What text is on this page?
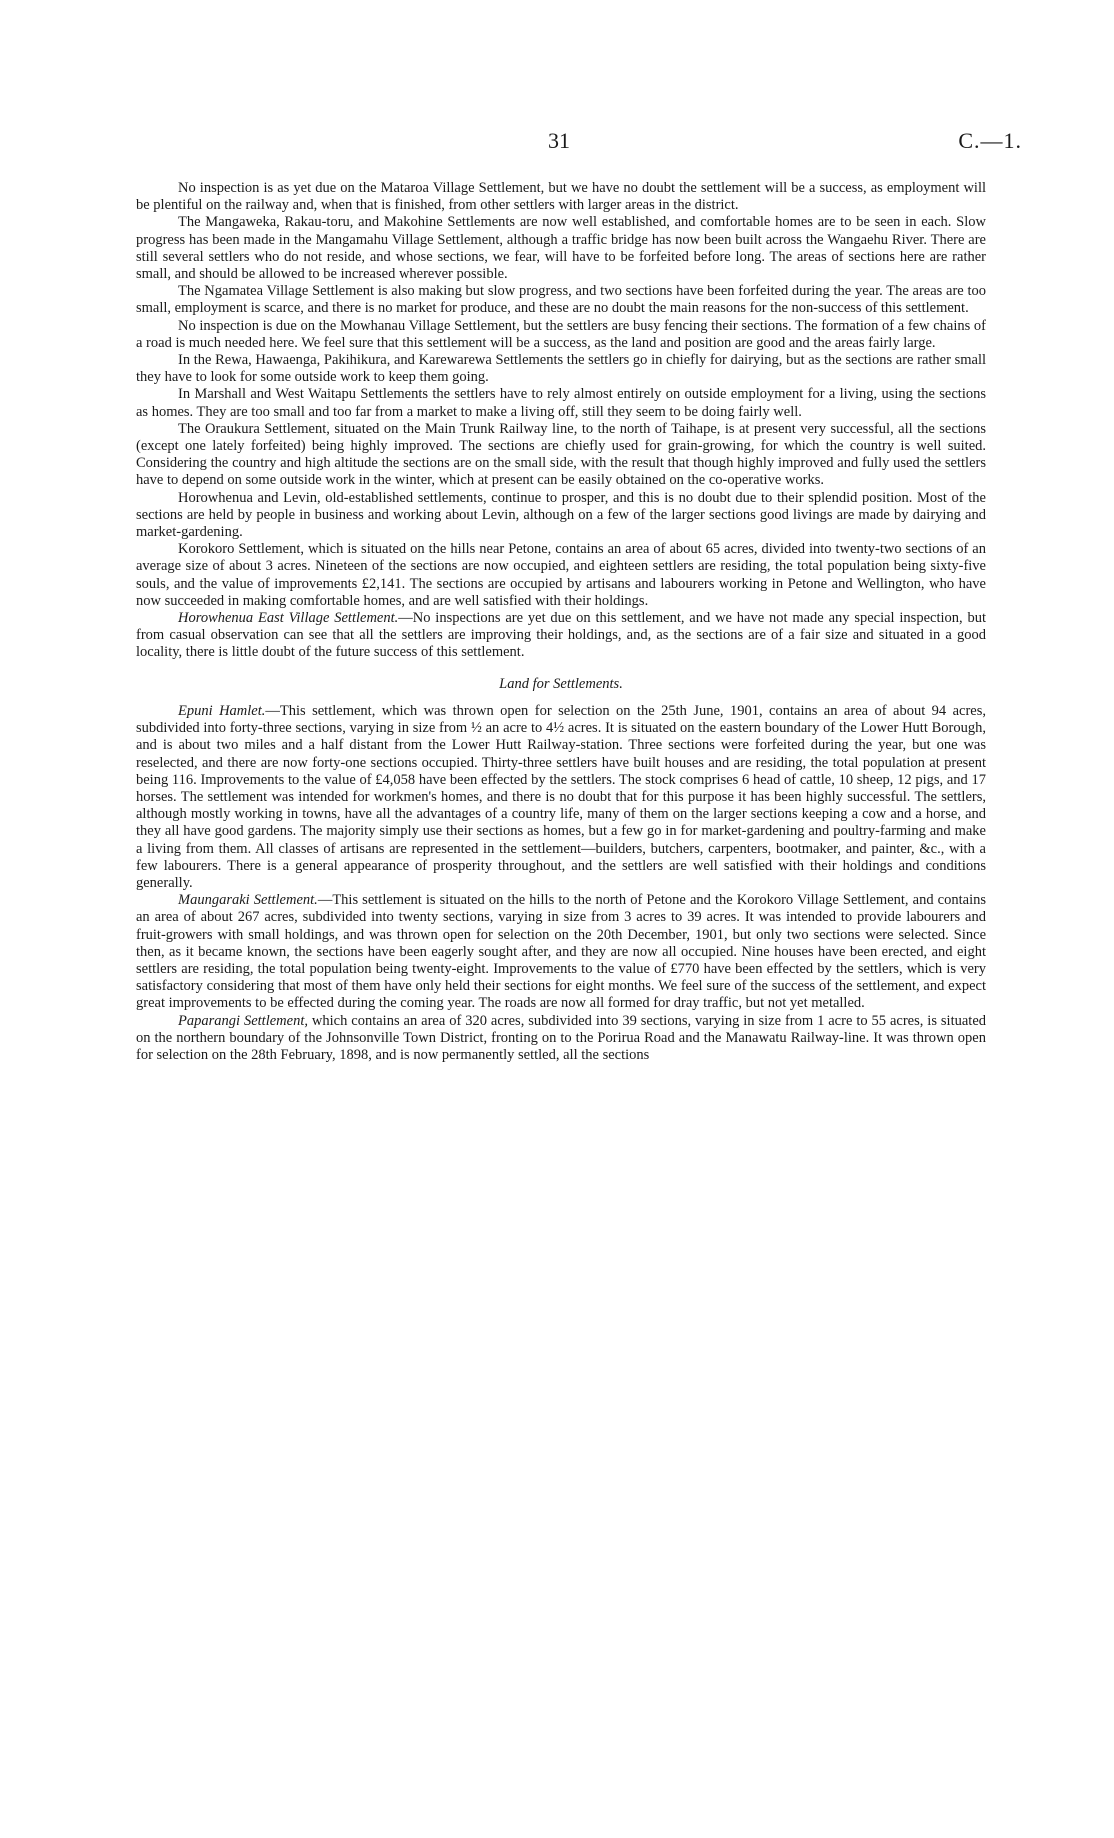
31	C.—1.

No inspection is as yet due on the Mataroa Village Settlement, but we have no doubt the settlement will be a success, as employment will be plentiful on the railway and, when that is finished, from other settlers with larger areas in the district.

The Mangaweka, Rakau-toru, and Makohine Settlements are now well established, and comfortable homes are to be seen in each. Slow progress has been made in the Mangamahu Village Settlement, although a traffic bridge has now been built across the Wangaehu River. There are still several settlers who do not reside, and whose sections, we fear, will have to be forfeited before long. The areas of sections here are rather small, and should be allowed to be increased wherever possible.

The Ngamatea Village Settlement is also making but slow progress, and two sections have been forfeited during the year. The areas are too small, employment is scarce, and there is no market for produce, and these are no doubt the main reasons for the non-success of this settlement.

No inspection is due on the Mowhanau Village Settlement, but the settlers are busy fencing their sections. The formation of a few chains of a road is much needed here. We feel sure that this settlement will be a success, as the land and position are good and the areas fairly large.

In the Rewa, Hawaenga, Pakihikura, and Karewarewa Settlements the settlers go in chiefly for dairying, but as the sections are rather small they have to look for some outside work to keep them going.

In Marshall and West Waitapu Settlements the settlers have to rely almost entirely on outside employment for a living, using the sections as homes. They are too small and too far from a market to make a living off, still they seem to be doing fairly well.

The Oraukura Settlement, situated on the Main Trunk Railway line, to the north of Taihape, is at present very successful, all the sections (except one lately forfeited) being highly improved. The sections are chiefly used for grain-growing, for which the country is well suited. Considering the country and high altitude the sections are on the small side, with the result that though highly improved and fully used the settlers have to depend on some outside work in the winter, which at present can be easily obtained on the co-operative works.

Horowhenua and Levin, old-established settlements, continue to prosper, and this is no doubt due to their splendid position. Most of the sections are held by people in business and working about Levin, although on a few of the larger sections good livings are made by dairying and market-gardening.

Korokoro Settlement, which is situated on the hills near Petone, contains an area of about 65 acres, divided into twenty-two sections of an average size of about 3 acres. Nineteen of the sections are now occupied, and eighteen settlers are residing, the total population being sixty-five souls, and the value of improvements £2,141. The sections are occupied by artisans and labourers working in Petone and Wellington, who have now succeeded in making comfortable homes, and are well satisfied with their holdings.

Horowhenua East Village Settlement.—No inspections are yet due on this settlement, and we have not made any special inspection, but from casual observation can see that all the settlers are improving their holdings, and, as the sections are of a fair size and situated in a good locality, there is little doubt of the future success of this settlement.

Land for Settlements.

Epuni Hamlet.—This settlement, which was thrown open for selection on the 25th June, 1901, contains an area of about 94 acres, subdivided into forty-three sections, varying in size from ½ an acre to 4½ acres. It is situated on the eastern boundary of the Lower Hutt Borough, and is about two miles and a half distant from the Lower Hutt Railway-station. Three sections were forfeited during the year, but one was reselected, and there are now forty-one sections occupied. Thirty-three settlers have built houses and are residing, the total population at present being 116. Improvements to the value of £4,058 have been effected by the settlers. The stock comprises 6 head of cattle, 10 sheep, 12 pigs, and 17 horses. The settlement was intended for workmen's homes, and there is no doubt that for this purpose it has been highly successful. The settlers, although mostly working in towns, have all the advantages of a country life, many of them on the larger sections keeping a cow and a horse, and they all have good gardens. The majority simply use their sections as homes, but a few go in for market-gardening and poultry-farming and make a living from them. All classes of artisans are represented in the settlement—builders, butchers, carpenters, bootmaker, and painter, &c., with a few labourers. There is a general appearance of prosperity throughout, and the settlers are well satisfied with their holdings and conditions generally.

Maungaraki Settlement.—This settlement is situated on the hills to the north of Petone and the Korokoro Village Settlement, and contains an area of about 267 acres, subdivided into twenty sections, varying in size from 3 acres to 39 acres. It was intended to provide labourers and fruit-growers with small holdings, and was thrown open for selection on the 20th December, 1901, but only two sections were selected. Since then, as it became known, the sections have been eagerly sought after, and they are now all occupied. Nine houses have been erected, and eight settlers are residing, the total population being twenty-eight. Improvements to the value of £770 have been effected by the settlers, which is very satisfactory considering that most of them have only held their sections for eight months. We feel sure of the success of the settlement, and expect great improvements to be effected during the coming year. The roads are now all formed for dray traffic, but not yet metalled.

Paparangi Settlement, which contains an area of 320 acres, subdivided into 39 sections, varying in size from 1 acre to 55 acres, is situated on the northern boundary of the Johnsonville Town District, fronting on to the Porirua Road and the Manawatu Railway-line. It was thrown open for selection on the 28th February, 1898, and is now permanently settled, all the sections
